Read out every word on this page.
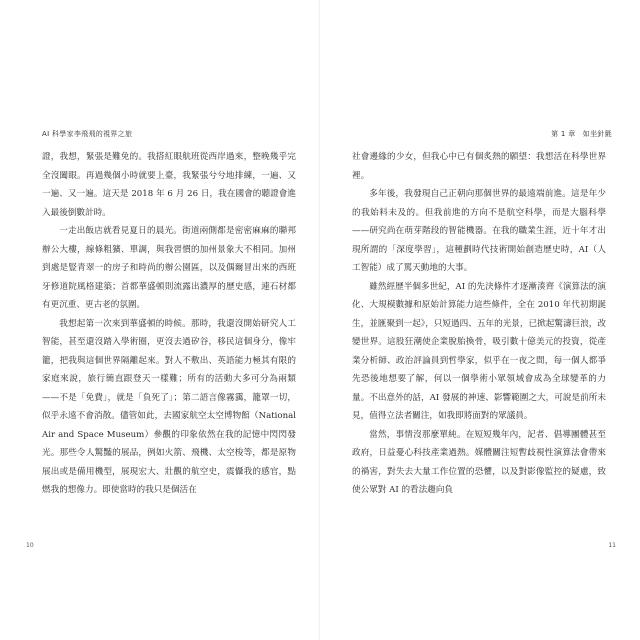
AI 科學家李飛飛的視界之旅

證，我想，緊張是難免的。我搭紅眼航班從西岸過來，整晚幾乎完全沒闔眼。再過幾個小時就要上臺，我緊張兮兮地排練，一遍、又一遍、又一遍。這天是 2018 年 6 月 26 日，我在國會的聽證會進入最後倒數計時。

一走出飯店就看見夏日的晨光。街道兩側都是密密麻麻的聯邦辦公大樓，線條粗獷、單調，與我習慣的加州景象大不相同。加州到處是豎青翠一的房子和時尚的辦公園區，以及偶爾冒出來的西班牙修道院風格建築；首都華盛頓則流露出濃厚的歷史感，連石材都有更沉重、更古老的氛圍。

我想起第一次來到華盛頓的時候。那時，我還沒開始研究人工智能，甚至還沒踏入學術圈，更沒去過矽谷，移民這個身分，像牢籠，把我與這個世界隔離起來。對人不敷出、英語能力極其有限的家庭來說，旅行簡直跟登天一樣難；所有的活動大多可分為兩類——不是「免費」，就是「負死了」；第二語言像霧靄，籠罩一切，似乎永遠不會消散。儘管如此，去國家航空太空博物館（National Air and Space Museum）參觀的印象依然在我的記憶中閃閃發光。那些令人驚豔的展品，例如火箭、飛機、太空梭等，都是原物展出或是備用機型，展現宏大、壯觀的航空史，震懾我的感官，點燃我的想像力。即使當時的我只是個活在

10
第 1 章　如坐針氈

社會邊緣的少女，但我心中已有個炙熱的願望：我想活在科學世界裡。

多年後，我發現自己正朝向那個世界的最遠端前進。這是年少的我始料未及的。但我前進的方向不是航空科學，而是大腦科學——研究尚在萌芽階段的智能機器。在我的職業生涯，近十年才出現所謂的「深度學習」，這種劃時代技術開始創造歷史時，AI（人工智能）成了罵天動地的大事。

雖然經歷半個多世紀，AI 的先決條件才逐漸湊齊《演算法的演化、大規模數據和原始計算能力這些條件，全在 2010 年代初期誕生，並匯聚到一起》，只短過四、五年的光景，已掀起驚濤巨浪，改變世界。這股狂潮使企業脫胎換骨，吸引數十億美元的投資，從產業分析師、政治評論員到哲學家，似乎在一夜之間，每一個人都爭先恐後地想要了解，何以一個學術小眾領域會成為全球變革的力量。不出意外的話，AI 發展的神速、影響範圍之大，可說是前所未見，值得立法者關注，如我即將面對的眾議員。

當然，事情沒那麼單純。在短短幾年內，記者、倡導團體甚至政府，日益憂心科技產業過熱。媒體關注短暫歧視性演算法會帶來的禍害，對失去大量工作位置的恐懼，以及對影像監控的疑慮，致使公眾對 AI 的看法趨向負

11
